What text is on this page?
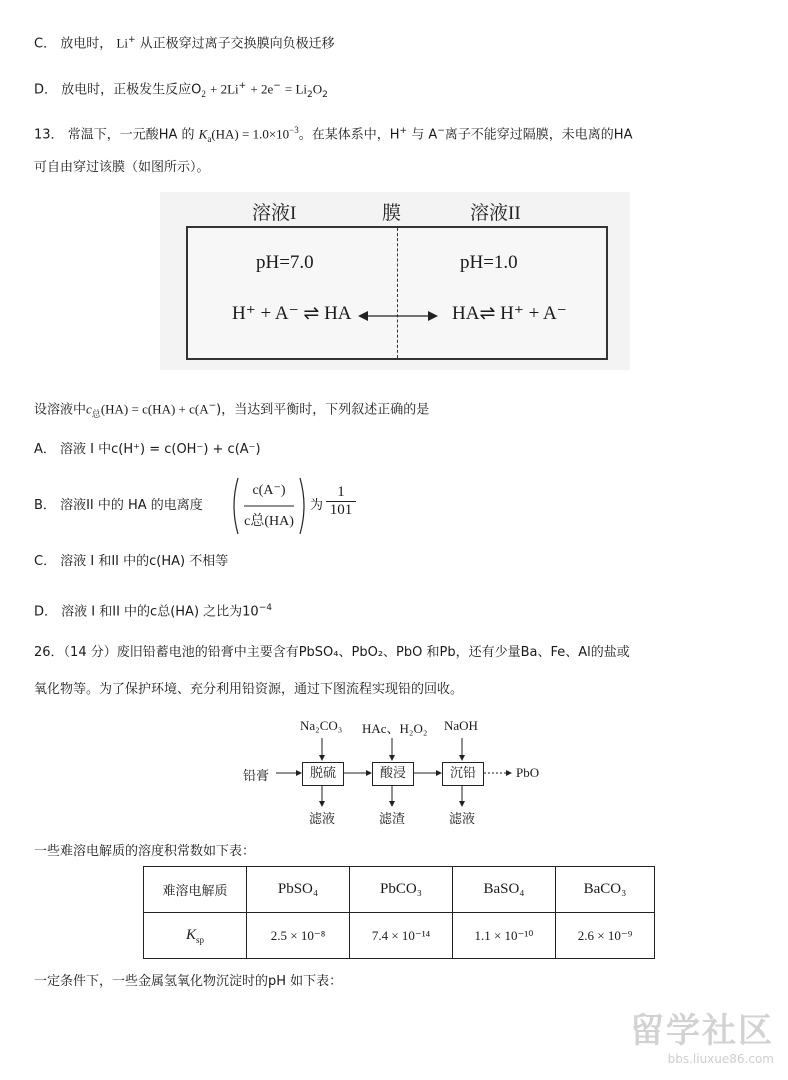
C． 放电时， Li+ 从正极穿过离子交换膜向负极迁移
D． 放电时，正极发生反应$O_2 + 2Li^+ + 2e^- = Li_2O_2$
13． 常温下，一元酸HA 的 $K_a(HA) = 1.0\times 10^{-3}$。在某体系中，H+ 与 A−离子不能穿过隔膜，未电离的HA
可自由穿过该膜（如图所示）。
溶液I	膜	溶液II
pH=7.0	pH=1.0
H⁺ + A⁻ ⇌ HA	HA⇌ H⁺ + A⁻
设溶液中$c_总(HA) = c(HA) + c(A^-)$，当达到平衡时，下列叙述正确的是
A． 溶液 I 中c(H⁺) = c(OH⁻) + c(A⁻)
B． 溶液II 中的 HA 的电离度
c(A⁻)
c总(HA)
为 $\frac{1}{101}$
C． 溶液 I 和II 中的c(HA) 不相等
D． 溶液 I 和II 中的c总(HA) 之比为$10^{-4}$
26．（14 分）废旧铅蓄电池的铅膏中主要含有PbSO₄、PbO₂、PbO 和Pb，还有少量Ba、Fe、Al的盐或
氧化物等。为了保护环境、充分利用铅资源，通过下图流程实现铅的回收。
铅膏	脱硫	酸浸	沉铅	PbO
Na₂CO₃ HAc、H₂O₂ NaOH
滤液	滤渣	滤液
一些难溶电解质的溶度积常数如下表：
难溶电解质	PbSO₄	PbCO₃	BaSO₄	BaCO₃
$K_{sp}$	2.5 × 10⁻⁸	7.4 × 10⁻¹⁴	1.1 × 10⁻¹⁰	2.6 × 10⁻⁹
一定条件下，一些金属氢氧化物沉淀时的pH 如下表：
留学社区
bbs.liuxue86.com
